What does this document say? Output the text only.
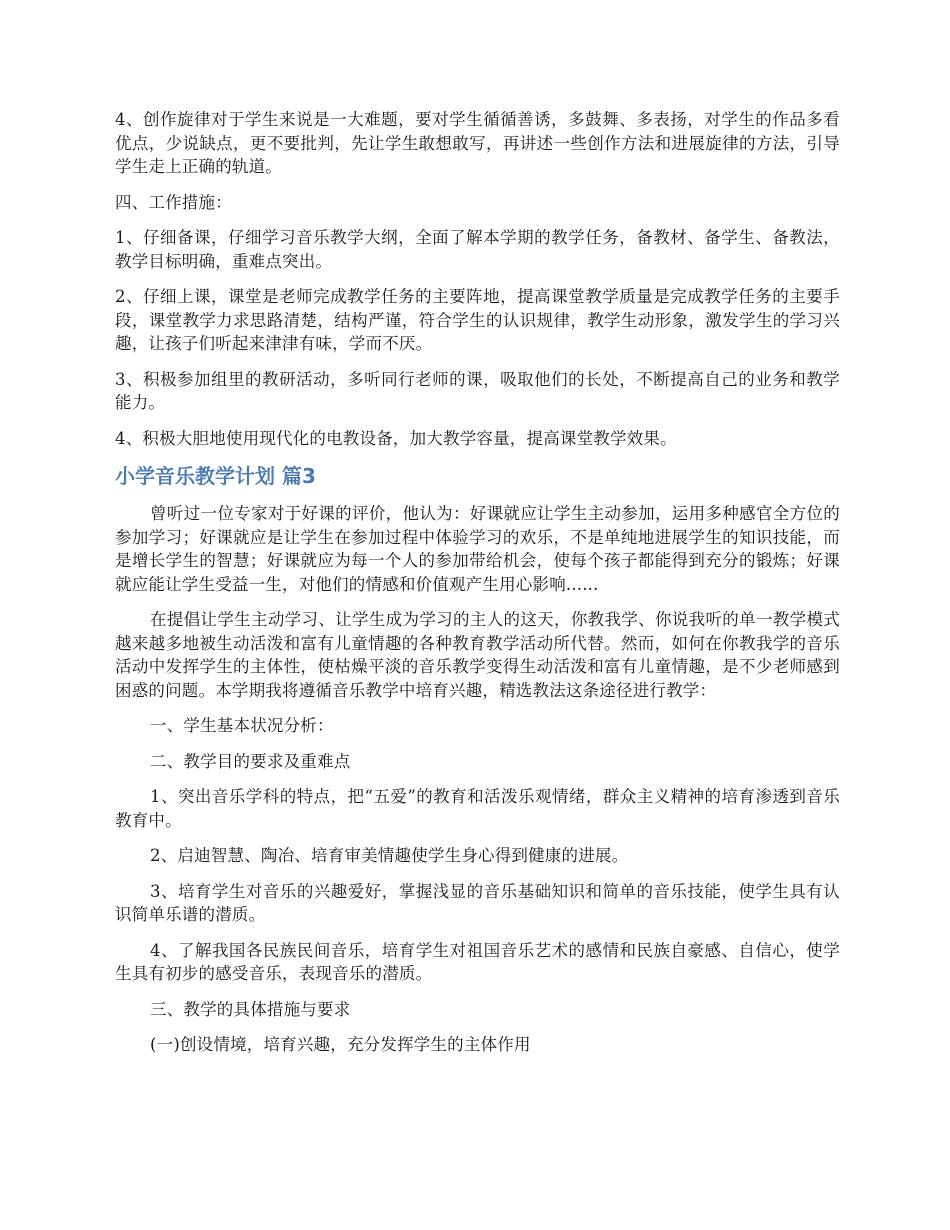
4、创作旋律对于学生来说是一大难题，要对学生循循善诱，多鼓舞、多表扬，对学生的作品多看优点，少说缺点，更不要批判，先让学生敢想敢写，再讲述一些创作方法和进展旋律的方法，引导学生走上正确的轨道。

四、工作措施：

1、仔细备课，仔细学习音乐教学大纲，全面了解本学期的教学任务，备教材、备学生、备教法，教学目标明确，重难点突出。

2、仔细上课，课堂是老师完成教学任务的主要阵地，提高课堂教学质量是完成教学任务的主要手段，课堂教学力求思路清楚，结构严谨，符合学生的认识规律，教学生动形象，激发学生的学习兴趣，让孩子们听起来津津有味，学而不厌。

3、积极参加组里的教研活动，多听同行老师的课，吸取他们的长处，不断提高自己的业务和教学能力。

4、积极大胆地使用现代化的电教设备，加大教学容量，提高课堂教学效果。

小学音乐教学计划 篇3

曾听过一位专家对于好课的评价，他认为：好课就应让学生主动参加，运用多种感官全方位的参加学习；好课就应是让学生在参加过程中体验学习的欢乐，不是单纯地进展学生的知识技能，而是增长学生的智慧；好课就应为每一个人的参加带给机会，使每个孩子都能得到充分的锻炼；好课就应能让学生受益一生，对他们的情感和价值观产生用心影响......

在提倡让学生主动学习、让学生成为学习的主人的这天，你教我学、你说我听的单一教学模式越来越多地被生动活泼和富有儿童情趣的各种教育教学活动所代替。然而，如何在你教我学的音乐活动中发挥学生的主体性，使枯燥平淡的音乐教学变得生动活泼和富有儿童情趣，是不少老师感到困惑的问题。本学期我将遵循音乐教学中培育兴趣，精选教法这条途径进行教学：

一、学生基本状况分析：

二、教学目的要求及重难点

1、突出音乐学科的特点，把“五爱”的教育和活泼乐观情绪，群众主义精神的培育渗透到音乐教育中。

2、启迪智慧、陶冶、培育审美情趣使学生身心得到健康的进展。

3、培育学生对音乐的兴趣爱好，掌握浅显的音乐基础知识和简单的音乐技能，使学生具有认识简单乐谱的潜质。

4、了解我国各民族民间音乐，培育学生对祖国音乐艺术的感情和民族自豪感、自信心，使学生具有初步的感受音乐，表现音乐的潜质。

三、教学的具体措施与要求

(一)创设情境，培育兴趣，充分发挥学生的主体作用
